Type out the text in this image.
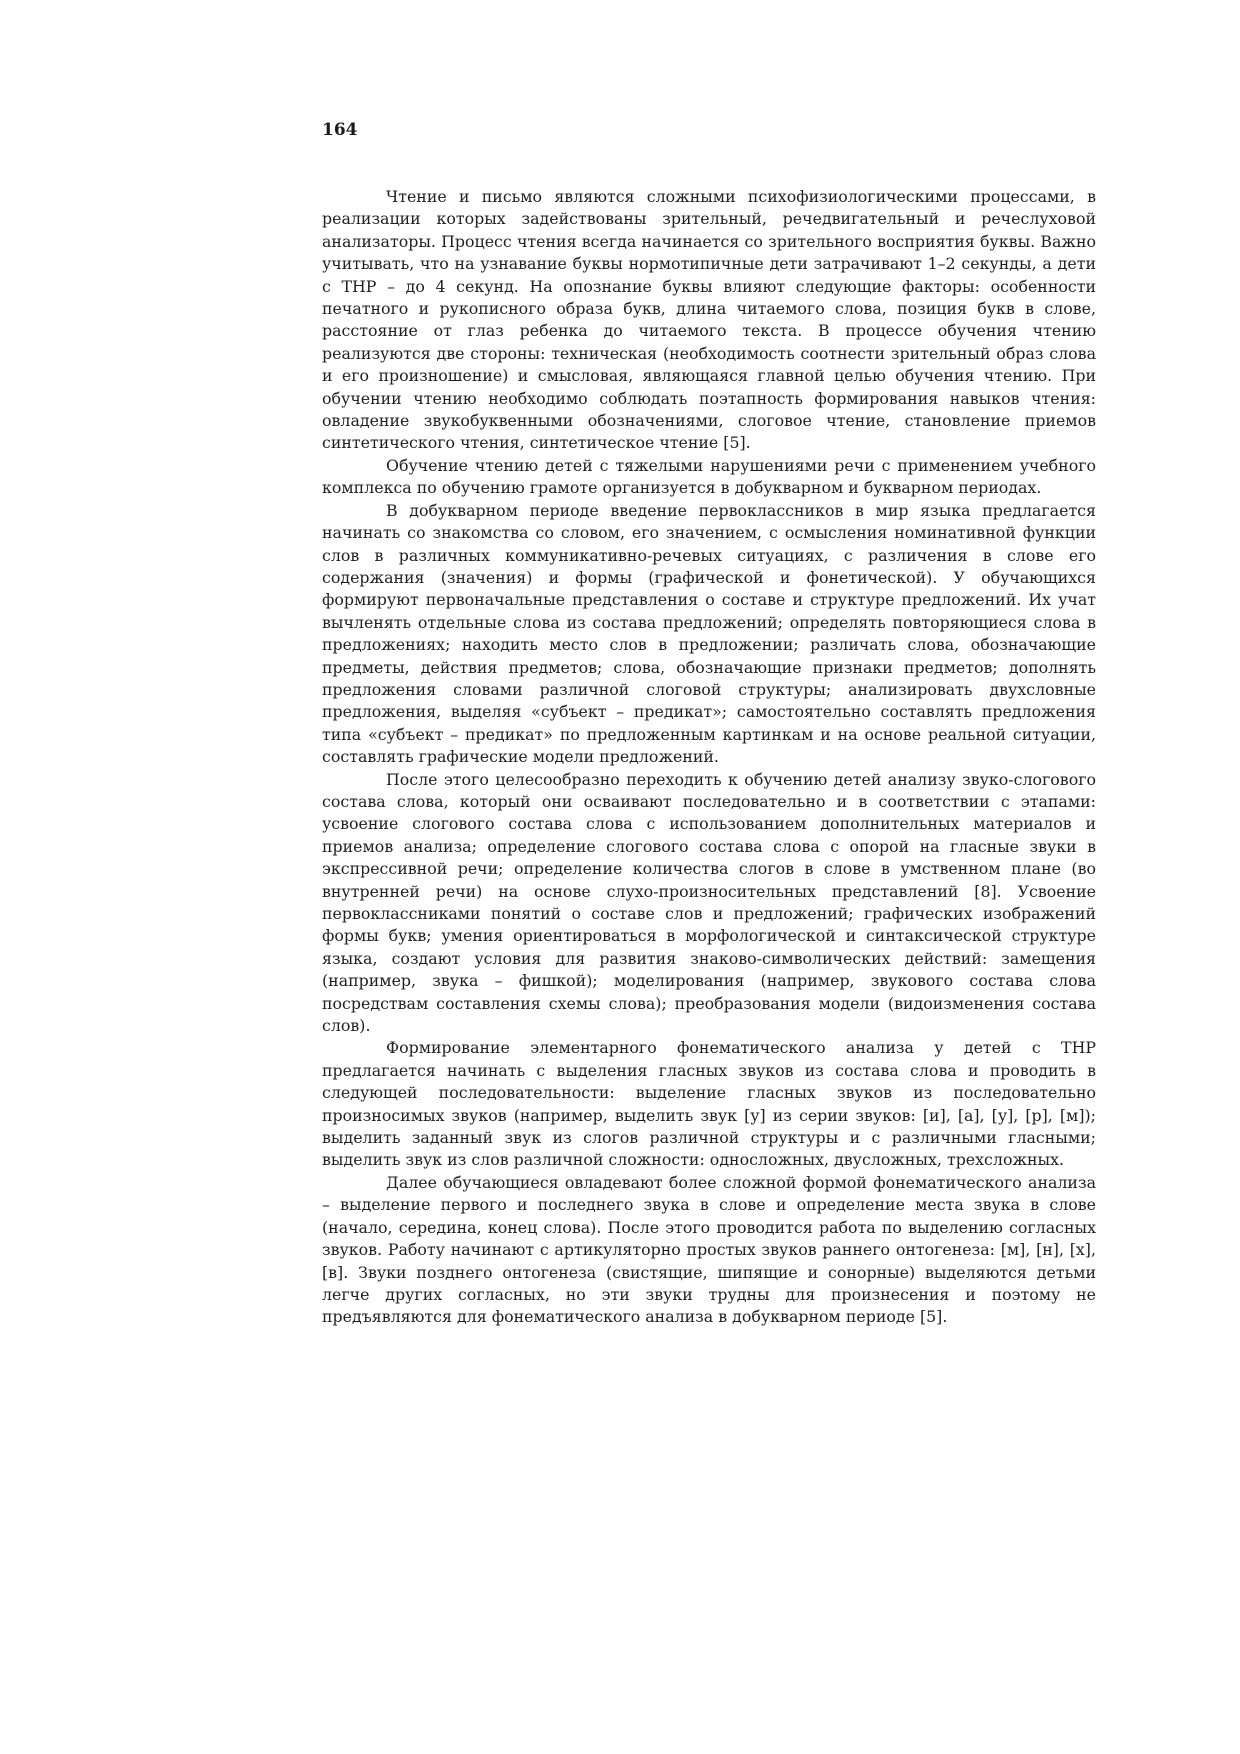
164

Чтение и письмо являются сложными психофизиологическими процессами, в реализации которых задействованы зрительный, речедвигательный и речеслуховой анализаторы. Процесс чтения всегда начинается со зрительного восприятия буквы. Важно учитывать, что на узнавание буквы нормотипичные дети затрачивают 1–2 секунды, а дети с ТНР – до 4 секунд. На опознание буквы влияют следующие факторы: особенности печатного и рукописного образа букв, длина читаемого слова, позиция букв в слове, расстояние от глаз ребенка до читаемого текста. В процессе обучения чтению реализуются две стороны: техническая (необходимость соотнести зрительный образ слова и его произношение) и смысловая, являющаяся главной целью обучения чтению. При обучении чтению необходимо соблюдать поэтапность формирования навыков чтения: овладение звукобуквенными обозначениями, слоговое чтение, становление приемов синтетического чтения, синтетическое чтение [5].

Обучение чтению детей с тяжелыми нарушениями речи с применением учебного комплекса по обучению грамоте организуется в добукварном и букварном периодах.

В добукварном периоде введение первоклассников в мир языка предлагается начинать со знакомства со словом, его значением, с осмысления номинативной функции слов в различных коммуникативно-речевых ситуациях, с различения в слове его содержания (значения) и формы (графической и фонетической). У обучающихся формируют первоначальные представления о составе и структуре предложений. Их учат вычленять отдельные слова из состава предложений; определять повторяющиеся слова в предложениях; находить место слов в предложении; различать слова, обозначающие предметы, действия предметов; слова, обозначающие признаки предметов; дополнять предложения словами различной слоговой структуры; анализировать двухсловные предложения, выделяя «субъект – предикат»; самостоятельно составлять предложения типа «субъект – предикат» по предложенным картинкам и на основе реальной ситуации, составлять графические модели предложений.

После этого целесообразно переходить к обучению детей анализу звуко-слогового состава слова, который они осваивают последовательно и в соответствии с этапами: усвоение слогового состава слова с использованием дополнительных материалов и приемов анализа; определение слогового состава слова с опорой на гласные звуки в экспрессивной речи; определение количества слогов в слове в умственном плане (во внутренней речи) на основе слухо-произносительных представлений [8]. Усвоение первоклассниками понятий о составе слов и предложений; графических изображений формы букв; умения ориентироваться в морфологической и синтаксической структуре языка, создают условия для развития знаково-символических действий: замещения (например, звука – фишкой); моделирования (например, звукового состава слова посредствам составления схемы слова); преобразования модели (видоизменения состава слов).

Формирование элементарного фонематического анализа у детей с ТНР предлагается начинать с выделения гласных звуков из состава слова и проводить в следующей последовательности: выделение гласных звуков из последовательно произносимых звуков (например, выделить звук [у] из серии звуков: [и], [а], [у], [р], [м]); выделить заданный звук из слогов различной структуры и с различными гласными; выделить звук из слов различной сложности: односложных, двусложных, трехсложных.

Далее обучающиеся овладевают более сложной формой фонематического анализа – выделение первого и последнего звука в слове и определение места звука в слове (начало, середина, конец слова). После этого проводится работа по выделению согласных звуков. Работу начинают с артикуляторно простых звуков раннего онтогенеза: [м], [н], [х], [в]. Звуки позднего онтогенеза (свистящие, шипящие и сонорные) выделяются детьми легче других согласных, но эти звуки трудны для произнесения и поэтому не предъявляются для фонематического анализа в добукварном периоде [5].
